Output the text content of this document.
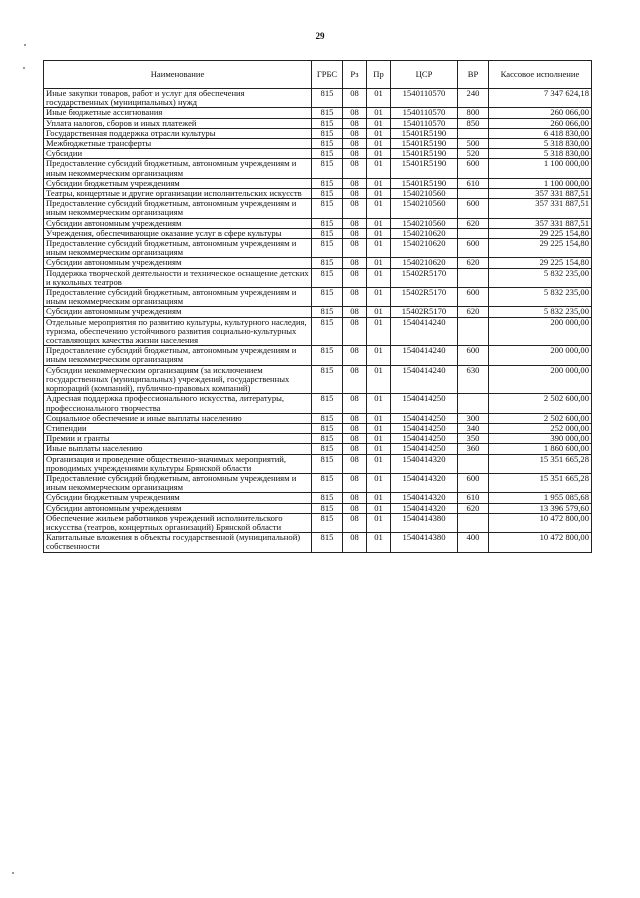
29
Наименование	ГРБС	Рз	Пр	ЦСР	ВР	Кассовое исполнение
Иные закупки товаров, работ и услуг для обеспечения государственных (муниципальных) нужд	815	08	01	1540110570	240	7 347 624,18
Иные бюджетные ассигнования	815	08	01	1540110570	800	260 066,00
Уплата налогов, сборов и иных платежей	815	08	01	1540110570	850	260 066,00
Государственная поддержка отрасли культуры	815	08	01	15401R5190		6 418 830,00
Межбюджетные трансферты	815	08	01	15401R5190	500	5 318 830,00
Субсидии	815	08	01	15401R5190	520	5 318 830,00
Предоставление субсидий бюджетным, автономным учреждениям и иным некоммерческим организациям	815	08	01	15401R5190	600	1 100 000,00
Субсидии бюджетным учреждениям	815	08	01	15401R5190	610	1 100 000,00
Театры, концертные и другие организации исполнительских искусств	815	08	01	1540210560		357 331 887,51
Предоставление субсидий бюджетным, автономным учреждениям и иным некоммерческим организациям	815	08	01	1540210560	600	357 331 887,51
Субсидии автономным учреждениям	815	08	01	1540210560	620	357 331 887,51
Учреждения, обеспечивающие оказание услуг в сфере культуры	815	08	01	1540210620		29 225 154,80
Предоставление субсидий бюджетным, автономным учреждениям и иным некоммерческим организациям	815	08	01	1540210620	600	29 225 154,80
Субсидии автономным учреждениям	815	08	01	1540210620	620	29 225 154,80
Поддержка творческой деятельности и техническое оснащение детских и кукольных театров	815	08	01	15402R5170		5 832 235,00
Предоставление субсидий бюджетным, автономным учреждениям и иным некоммерческим организациям	815	08	01	15402R5170	600	5 832 235,00
Субсидии автономным учреждениям	815	08	01	15402R5170	620	5 832 235,00
Отдельные мероприятия по развитию культуры, культурного наследия, туризма, обеспечению устойчивого развития социально-культурных составляющих качества жизни населения	815	08	01	1540414240		200 000,00
Предоставление субсидий бюджетным, автономным учреждениям и иным некоммерческим организациям	815	08	01	1540414240	600	200 000,00
Субсидии некоммерческим организациям (за исключением государственных (муниципальных) учреждений, государственных корпораций (компаний), публично-правовых компаний)	815	08	01	1540414240	630	200 000,00
Адресная поддержка профессионального искусства, литературы, профессионального творчества	815	08	01	1540414250		2 502 600,00
Социальное обеспечение и иные выплаты населению	815	08	01	1540414250	300	2 502 600,00
Стипендии	815	08	01	1540414250	340	252 000,00
Премии и гранты	815	08	01	1540414250	350	390 000,00
Иные выплаты населению	815	08	01	1540414250	360	1 860 600,00
Организация и проведение общественно-значимых мероприятий, проводимых учреждениями культуры Брянской области	815	08	01	1540414320		15 351 665,28
Предоставление субсидий бюджетным, автономным учреждениям и иным некоммерческим организациям	815	08	01	1540414320	600	15 351 665,28
Субсидии бюджетным учреждениям	815	08	01	1540414320	610	1 955 085,68
Субсидии автономным учреждениям	815	08	01	1540414320	620	13 396 579,60
Обеспечение жильем работников учреждений исполнительского искусства (театров, концертных организаций) Брянской области	815	08	01	1540414380		10 472 800,00
Капитальные вложения в объекты государственной (муниципальной) собственности	815	08	01	1540414380	400	10 472 800,00
